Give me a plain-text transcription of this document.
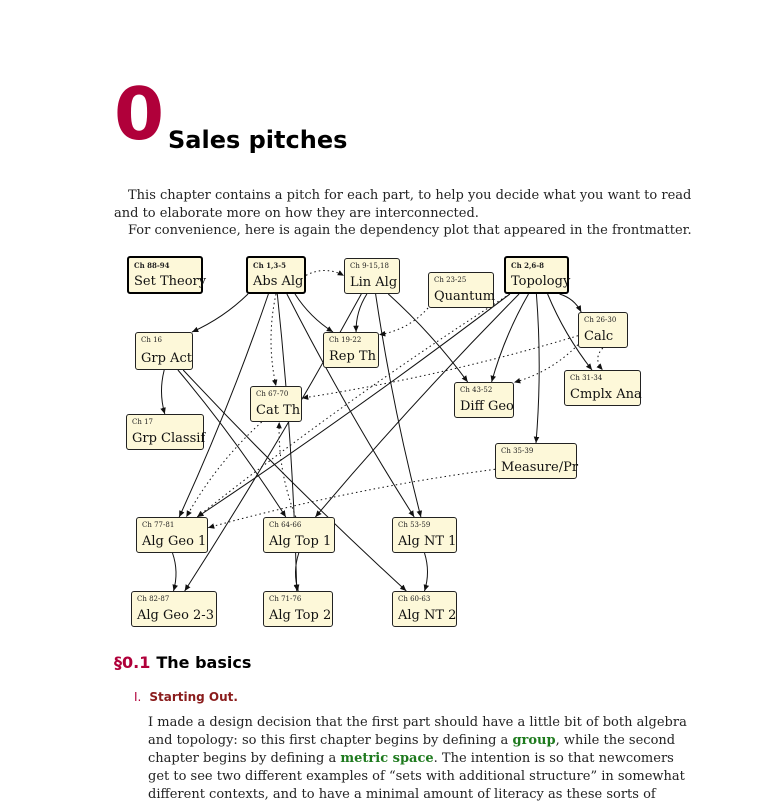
0 Sales pitches
This chapter contains a pitch for each part, to help you decide what you want to read
and to elaborate more on how they are interconnected.
For convenience, here is again the dependency plot that appeared in the frontmatter.
Ch 88-94
Set Theory
Ch 1,3-5
Abs Alg
Ch 9-15,18
Lin Alg	Ch 23-25
Quantum
Ch 2,6-8
Topology
Ch 26-30
Calc
Ch 16
Grp Act
Ch 19-22
Rep Th
Ch 31-34
Cmplx Ana
Ch 67-70
Cat Th
Ch 43-52
Diff Geo
Ch 17
Grp Classif
Ch 35-39
Measure/Pr
Ch 77-81
Alg Geo 1
Ch 64-66
Alg Top 1
Ch 53-59
Alg NT 1
Ch 82-87
Alg Geo 2-3
Ch 71-76
Alg Top 2
Ch 60-63
Alg NT 2
§0.1 The basics
I. Starting Out.
I made a design decision that the first part should have a little bit of both algebra
and topology: so this first chapter begins by defining a group, while the second
chapter begins by defining a metric space. The intention is so that newcomers
get to see two different examples of “sets with additional structure” in somewhat
different contexts, and to have a minimal amount of literacy as these sorts of
